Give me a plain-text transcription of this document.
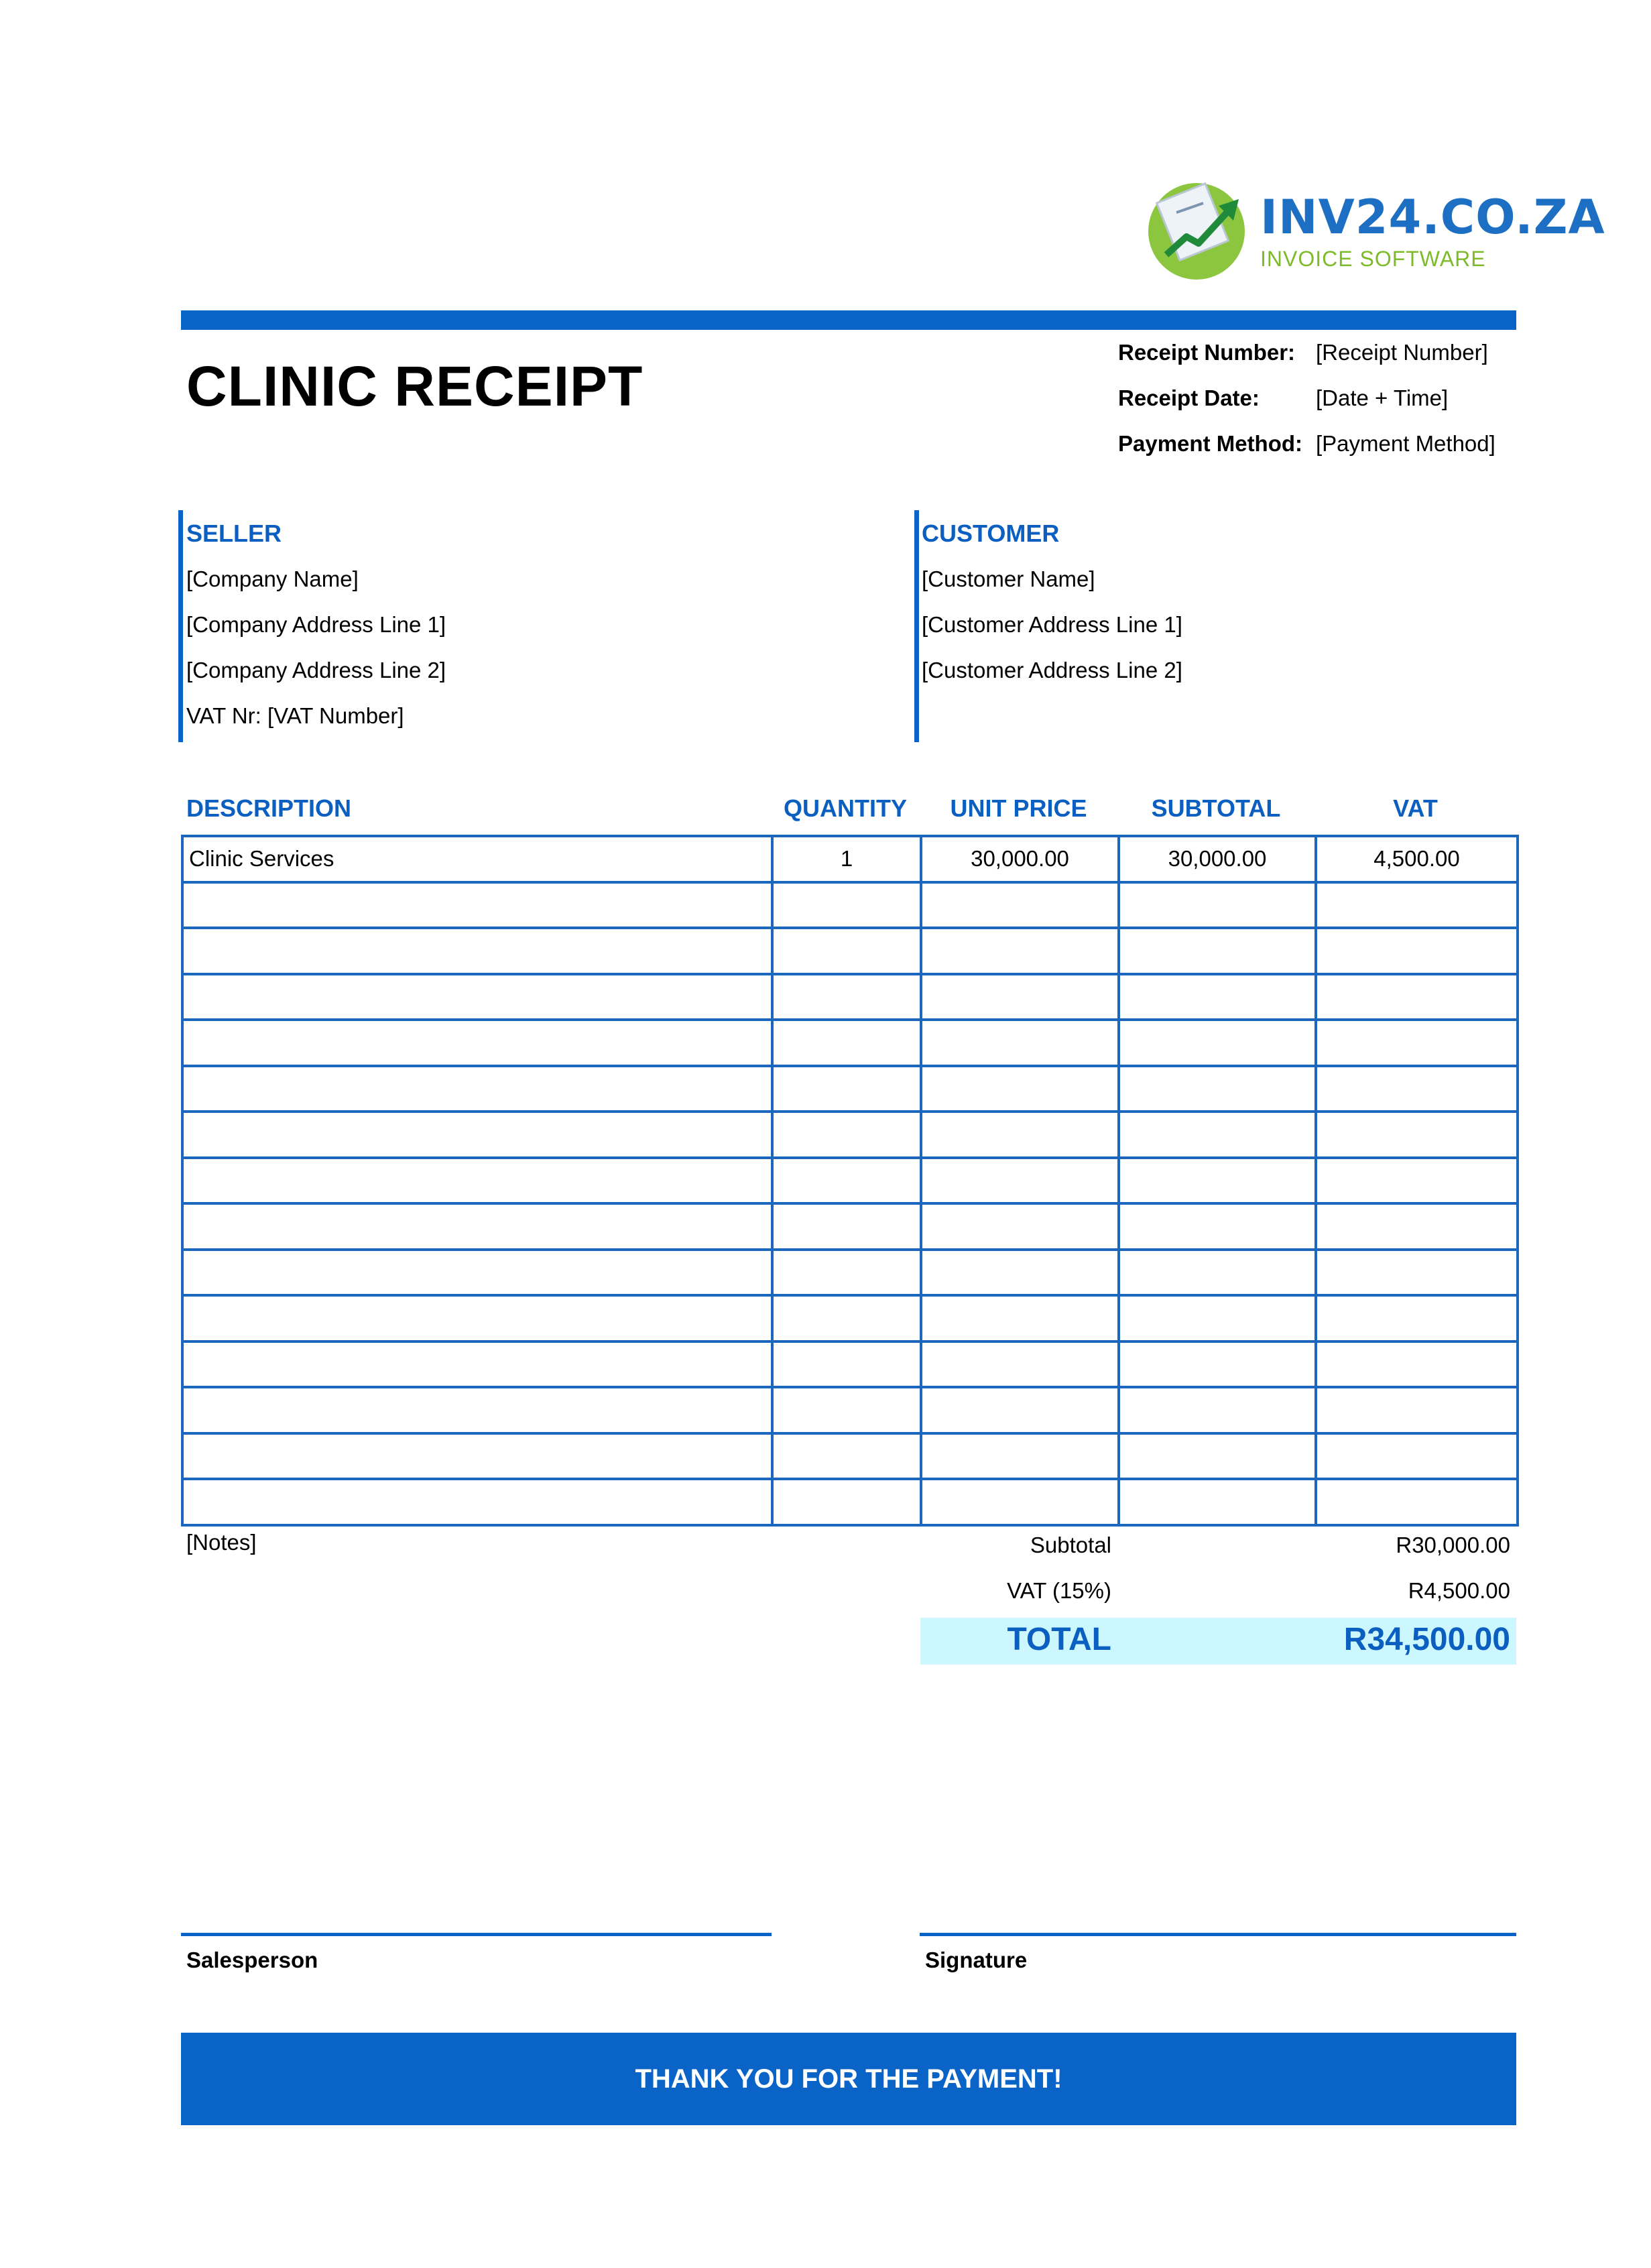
INV24.CO.ZA
INVOICE SOFTWARE
CLINIC RECEIPT
Receipt Number: [Receipt Number]
Receipt Date:	[Date + Time]
Payment Method: [Payment Method]
SELLER
[Company Name]
[Company Address Line 1]
[Company Address Line 2]
VAT Nr: [VAT Number]
CUSTOMER
[Customer Name]
[Customer Address Line 1]
[Customer Address Line 2]
DESCRIPTION	QUANTITY	UNIT PRICE	SUBTOTAL	VAT
Clinic Services	1	30,000.00	30,000.00	4,500.00

[Notes]	Subtotal	R30,000.00
VAT (15%)	R4,500.00
TOTAL	R34,500.00
Salesperson	Signature
THANK YOU FOR THE PAYMENT!
